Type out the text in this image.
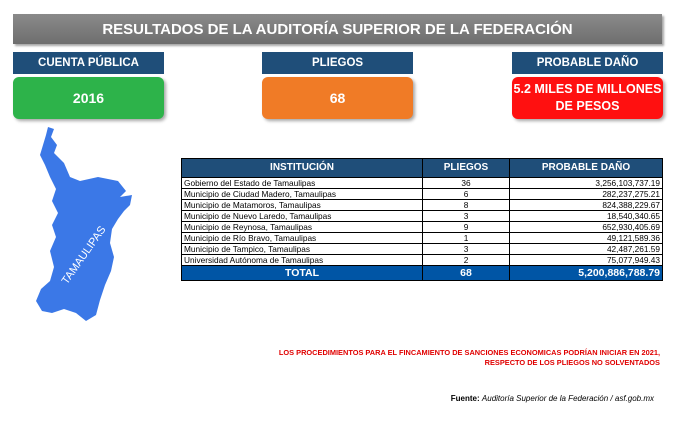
RESULTADOS DE LA AUDITORÍA SUPERIOR DE LA FEDERACIÓN
CUENTA PÚBLICA
2016
PLIEGOS
68
PROBABLE DAÑO
5.2 MILES DE MILLONES DE PESOS
TAMAULIPAS
INSTITUCIÓN	PLIEGOS	PROBABLE DAÑO
Gobierno del Estado de Tamaulipas	36	3,256,103,737.19
Municipio de Ciudad Madero, Tamaulipas	6	282,237,275.21
Municipio de Matamoros, Tamaulipas	8	824,388,229.67
Municipio de Nuevo Laredo, Tamaulipas	3	18,540,340.65
Municipio de Reynosa, Tamaulipas	9	652,930,405.69
Municipio de Río Bravo, Tamaulipas	1	49,121,589.36
Municipio de Tampico, Tamaulipas	3	42,487,261.59
Universidad Autónoma de Tamaulipas	2	75,077,949.43
TOTAL	68	5,200,886,788.79
LOS PROCEDIMIENTOS PARA EL FINCAMIENTO DE SANCIONES ECONOMICAS PODRÍAN INICIAR EN 2021,
RESPECTO DE LOS PLIEGOS NO SOLVENTADOS
Fuente: Auditoría Superior de la Federación / asf.gob.mx
